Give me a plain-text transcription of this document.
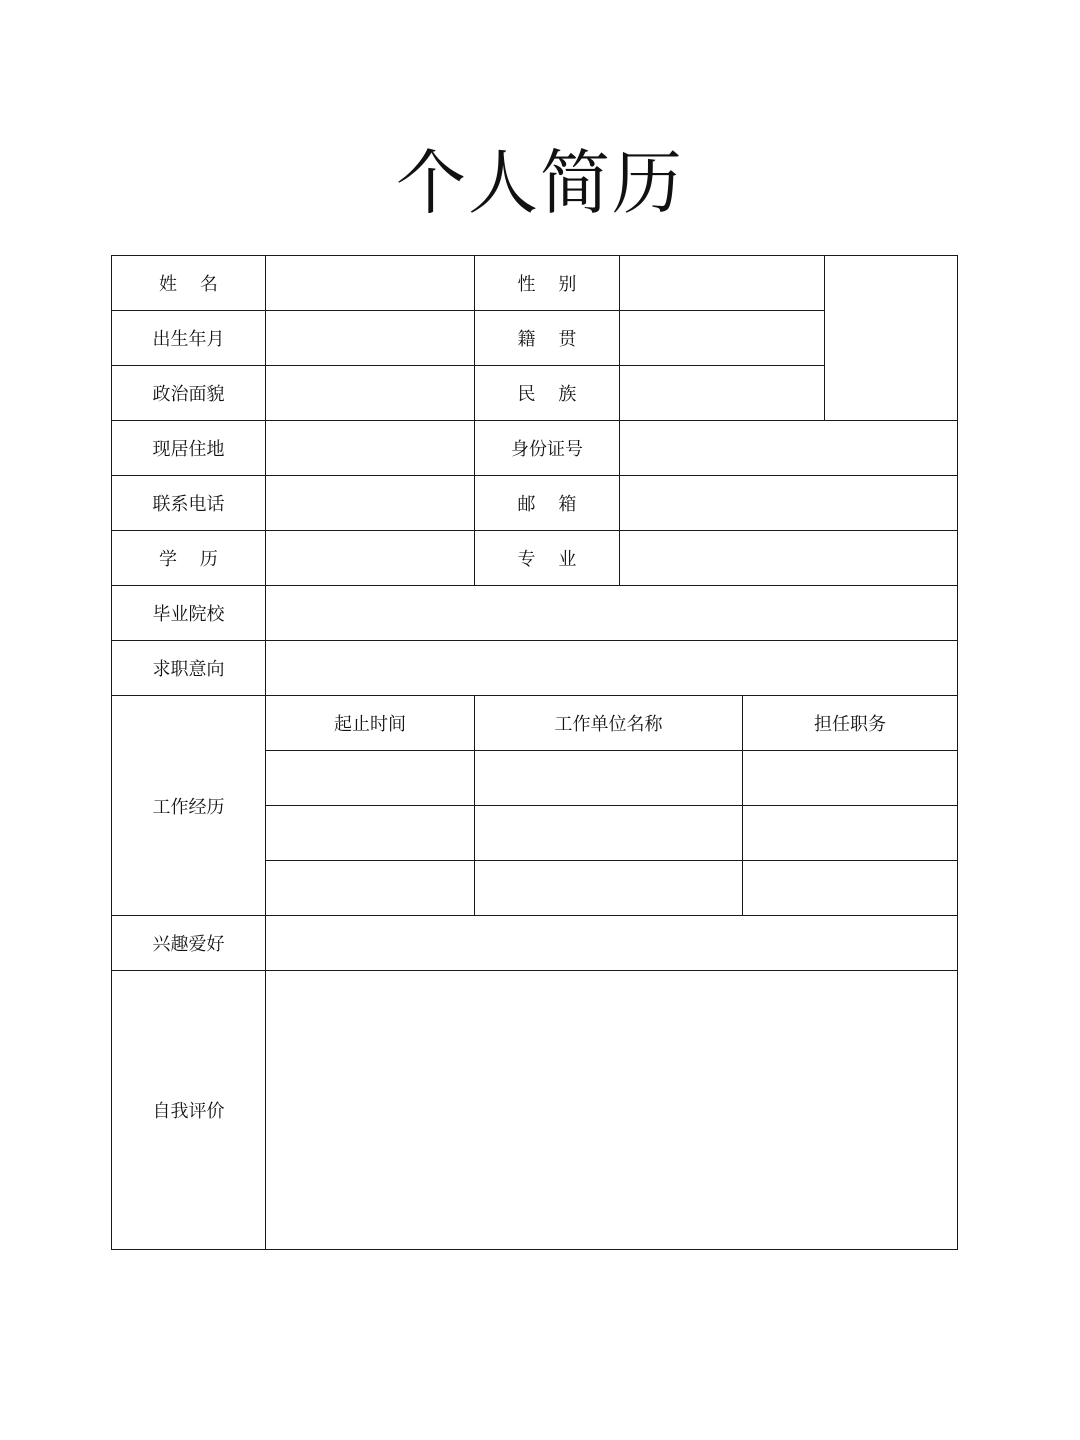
个人简历
姓    名		性    别			
出生年月		籍    贯			
政治面貌		民    族			
现居住地		身份证号			
联系电话		邮    箱			
学    历		专    业			
毕业院校					
求职意向					
工作经历	起止时间	工作单位名称		担任职务	

兴趣爱好					
自我评价					
